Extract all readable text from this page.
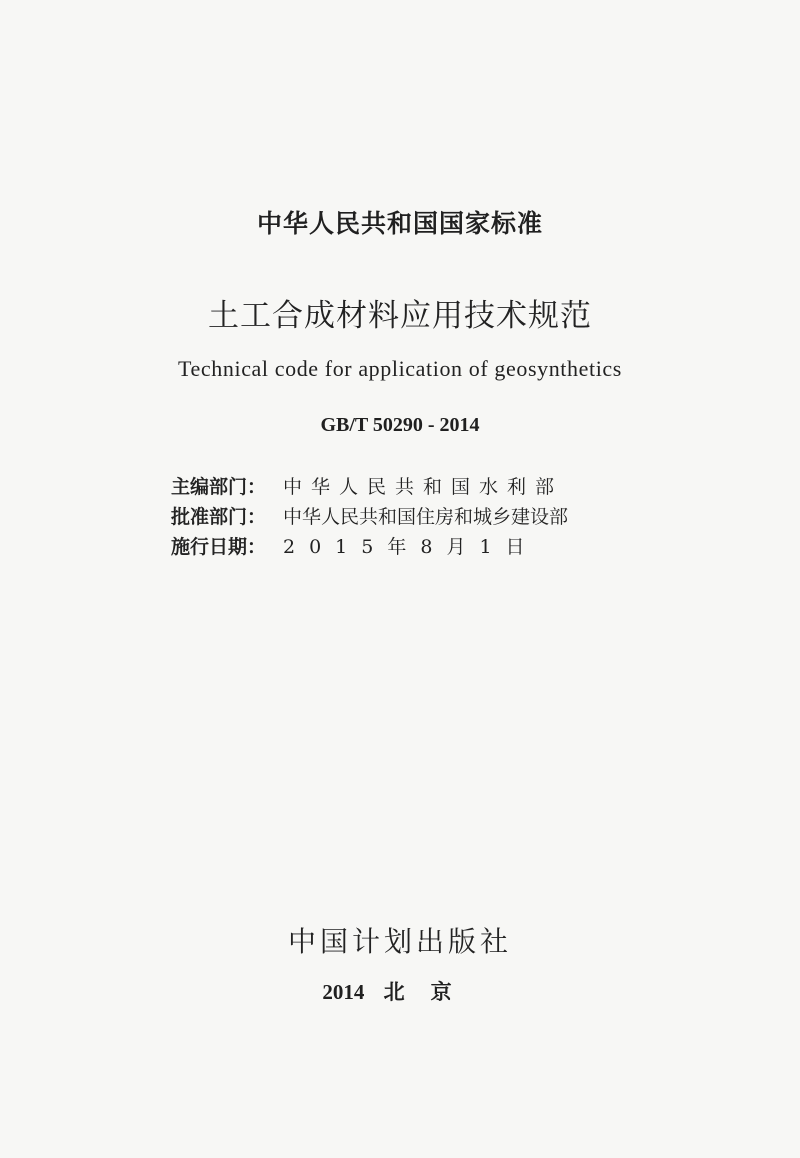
中华人民共和国国家标准
土工合成材料应用技术规范
Technical code for application of geosynthetics
GB/T 50290 - 2014
主编部门： 中华人民共和国水利部
批准部门： 中华人民共和国住房和城乡建设部
施行日期： 2015年8月1日
中国计划出版社
2014 北京
